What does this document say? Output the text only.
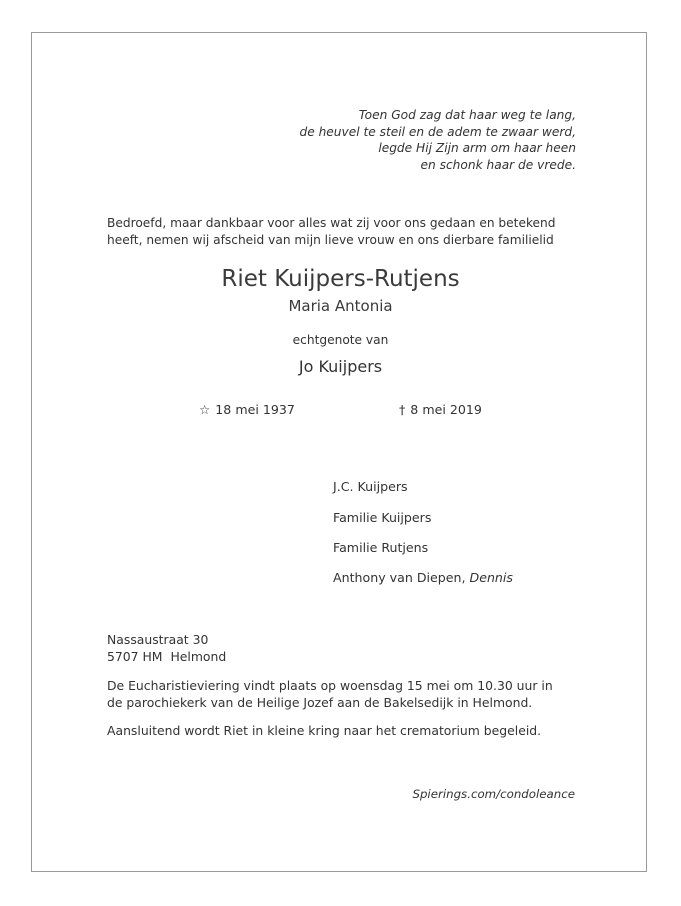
Toen God zag dat haar weg te lang,
de heuvel te steil en de adem te zwaar werd,
legde Hij Zijn arm om haar heen
en schonk haar de vrede.
Bedroefd, maar dankbaar voor alles wat zij voor ons gedaan en betekend
heeft, nemen wij afscheid van mijn lieve vrouw en ons dierbare familielid
Riet Kuijpers-Rutjens
Maria Antonia
echtgenote van
Jo Kuijpers
☆ 18 mei 1937	† 8 mei 2019
J.C. Kuijpers
Familie Kuijpers
Familie Rutjens
Anthony van Diepen, Dennis
Nassaustraat 30
5707 HM Helmond
De Eucharistieviering vindt plaats op woensdag 15 mei om 10.30 uur in
de parochiekerk van de Heilige Jozef aan de Bakelsedijk in Helmond.
Aansluitend wordt Riet in kleine kring naar het crematorium begeleid.
Spierings.com/condoleance
